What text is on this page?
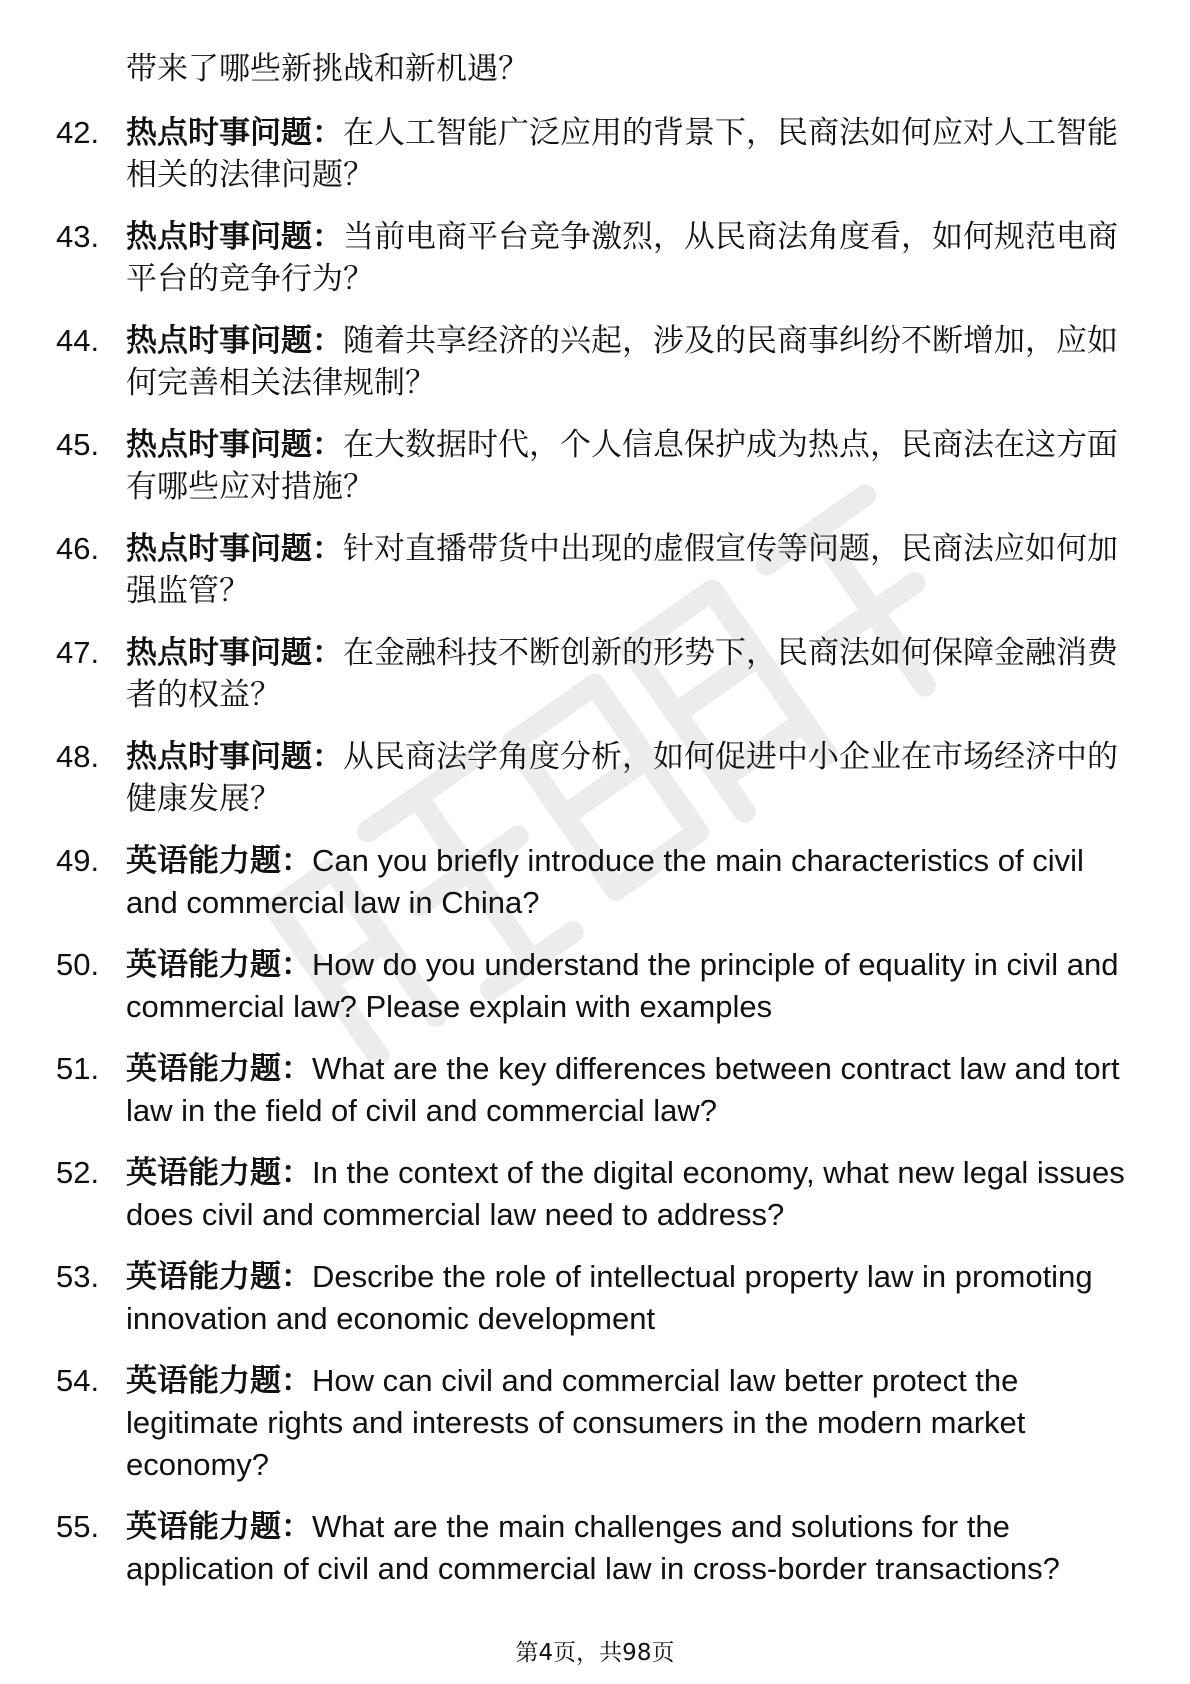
带来了哪些新挑战和新机遇？
42. 热点时事问题：在人工智能广泛应用的背景下，民商法如何应对人工智能相关的法律问题？
43. 热点时事问题：当前电商平台竞争激烈，从民商法角度看，如何规范电商平台的竞争行为？
44. 热点时事问题：随着共享经济的兴起，涉及的民商事纠纷不断增加，应如何完善相关法律规制？
45. 热点时事问题：在大数据时代，个人信息保护成为热点，民商法在这方面有哪些应对措施？
46. 热点时事问题：针对直播带货中出现的虚假宣传等问题，民商法应如何加强监管？
47. 热点时事问题：在金融科技不断创新的形势下，民商法如何保障金融消费者的权益？
48. 热点时事问题：从民商法学角度分析，如何促进中小企业在市场经济中的健康发展？
49. 英语能力题：Can you briefly introduce the main characteristics of civil and commercial law in China?
50. 英语能力题：How do you understand the principle of equality in civil and commercial law? Please explain with examples
51. 英语能力题：What are the key differences between contract law and tort law in the field of civil and commercial law?
52. 英语能力题：In the context of the digital economy, what new legal issues does civil and commercial law need to address?
53. 英语能力题：Describe the role of intellectual property law in promoting innovation and economic development
54. 英语能力题：How can civil and commercial law better protect the legitimate rights and interests of consumers in the modern market economy?
55. 英语能力题：What are the main challenges and solutions for the application of civil and commercial law in cross-border transactions?
第4页，共98页
